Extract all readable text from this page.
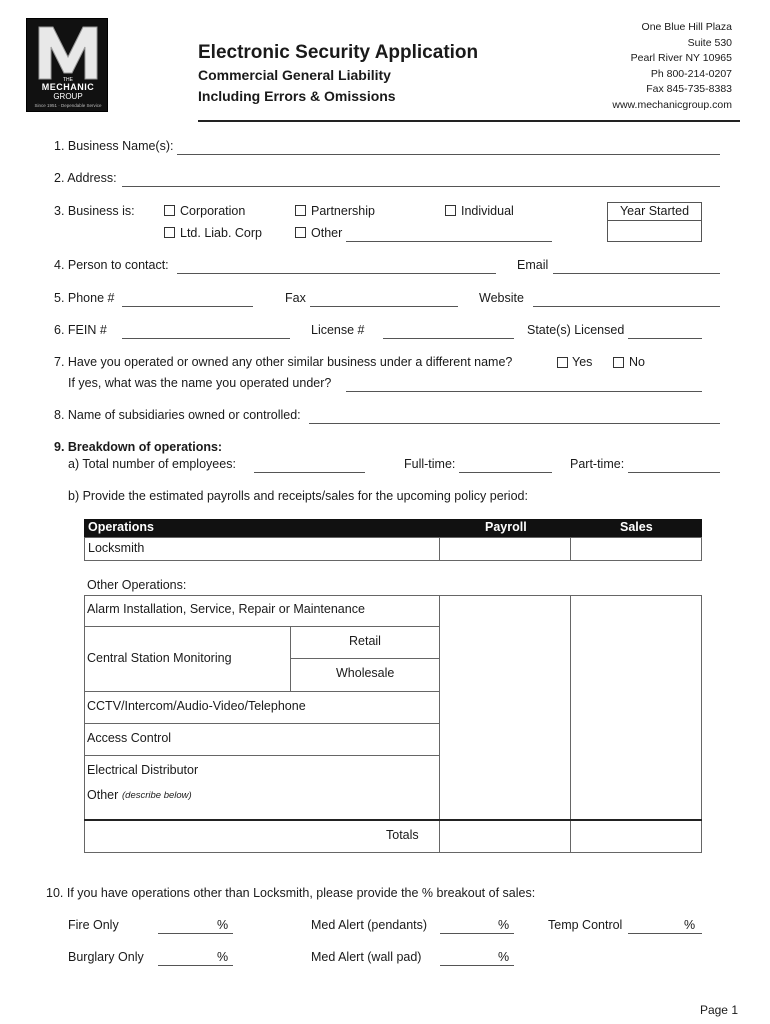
THE
MECHANIC
GROUP
Since 1951 · Dependable Service
Electronic Security Application
Commercial General Liability
Including Errors & Omissions
One Blue Hill Plaza
Suite 530
Pearl River NY 10965
Ph 800-214-0207
Fax 845-735-8383
www.mechanicgroup.com
1. Business Name(s):
2. Address:
3. Business is:	Corporation	Partnership	Individual
Ltd. Liab. Corp	Other
Year Started
4. Person to contact:	Email
5. Phone #	Fax	Website
6. FEIN #	License #	State(s) Licensed
7. Have you operated or owned any other similar business under a different name?	Yes	No
If yes, what was the name you operated under?
8. Name of subsidiaries owned or controlled:
9. Breakdown of operations:
a) Total number of employees:	Full-time:	Part-time:
b) Provide the estimated payrolls and receipts/sales for the upcoming policy period:
Operations	Payroll	Sales
Locksmith
Other Operations:
Alarm Installation, Service, Repair or Maintenance
Central Station Monitoring
Retail
Wholesale
CCTV/Intercom/Audio-Video/Telephone
Access Control
Electrical Distributor
Other (describe below)
Totals
10. If you have operations other than Locksmith, please provide the % breakout of sales:
Fire Only	%	Med Alert (pendants)	%	Temp Control	%
Burglary Only	%	Med Alert (wall pad)	%
Page 1
